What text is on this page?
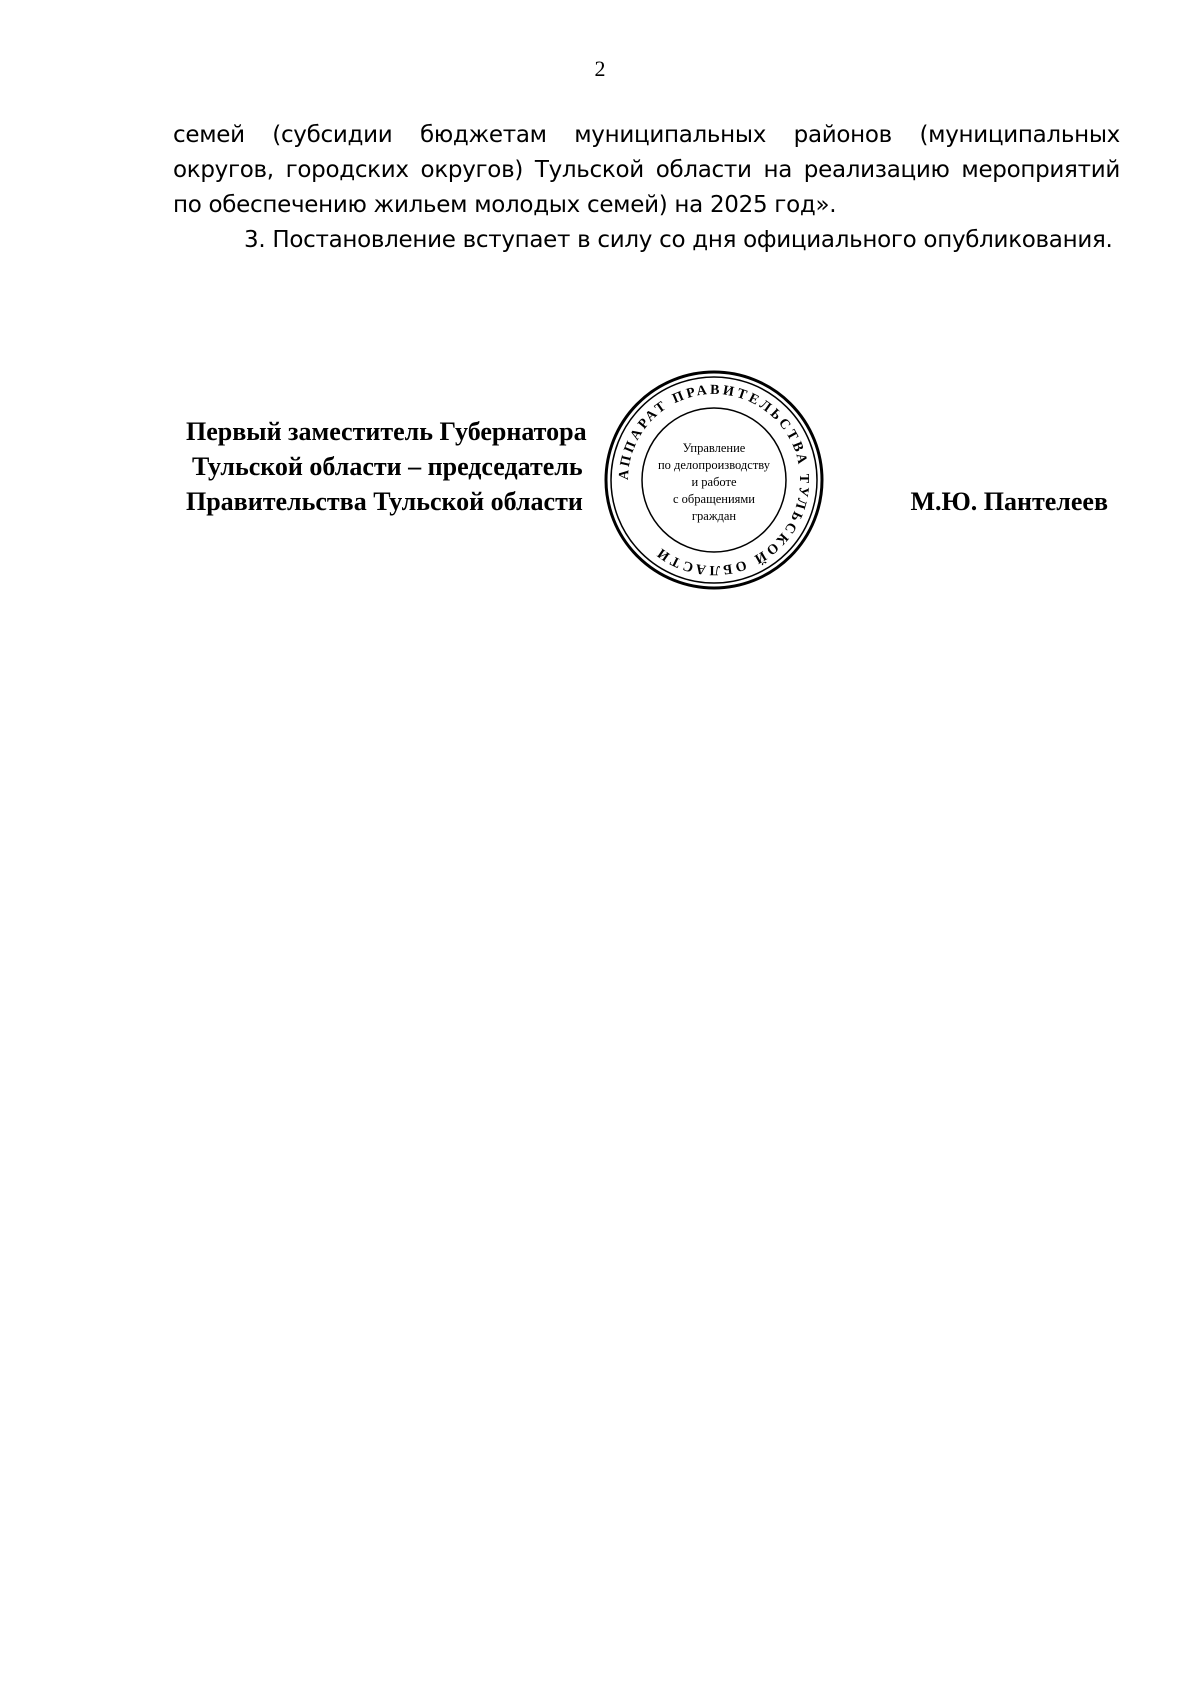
2

семей (субсидии бюджетам муниципальных районов (муниципальных округов, городских округов) Тульской области на реализацию мероприятий по обеспечению жильем молодых семей) на 2025 год».

3. Постановление вступает в силу со дня официального опубликования.

Первый заместитель Губернатора
Тульской области – председатель
Правительства Тульской области	М.Ю. Пантелеев
АППАРАТ ПРАВИТЕЛЬСТВА ТУЛЬСКОЙ ОБЛАСТИ
Управление
по делопроизводству
и работе
с обращениями
граждан
